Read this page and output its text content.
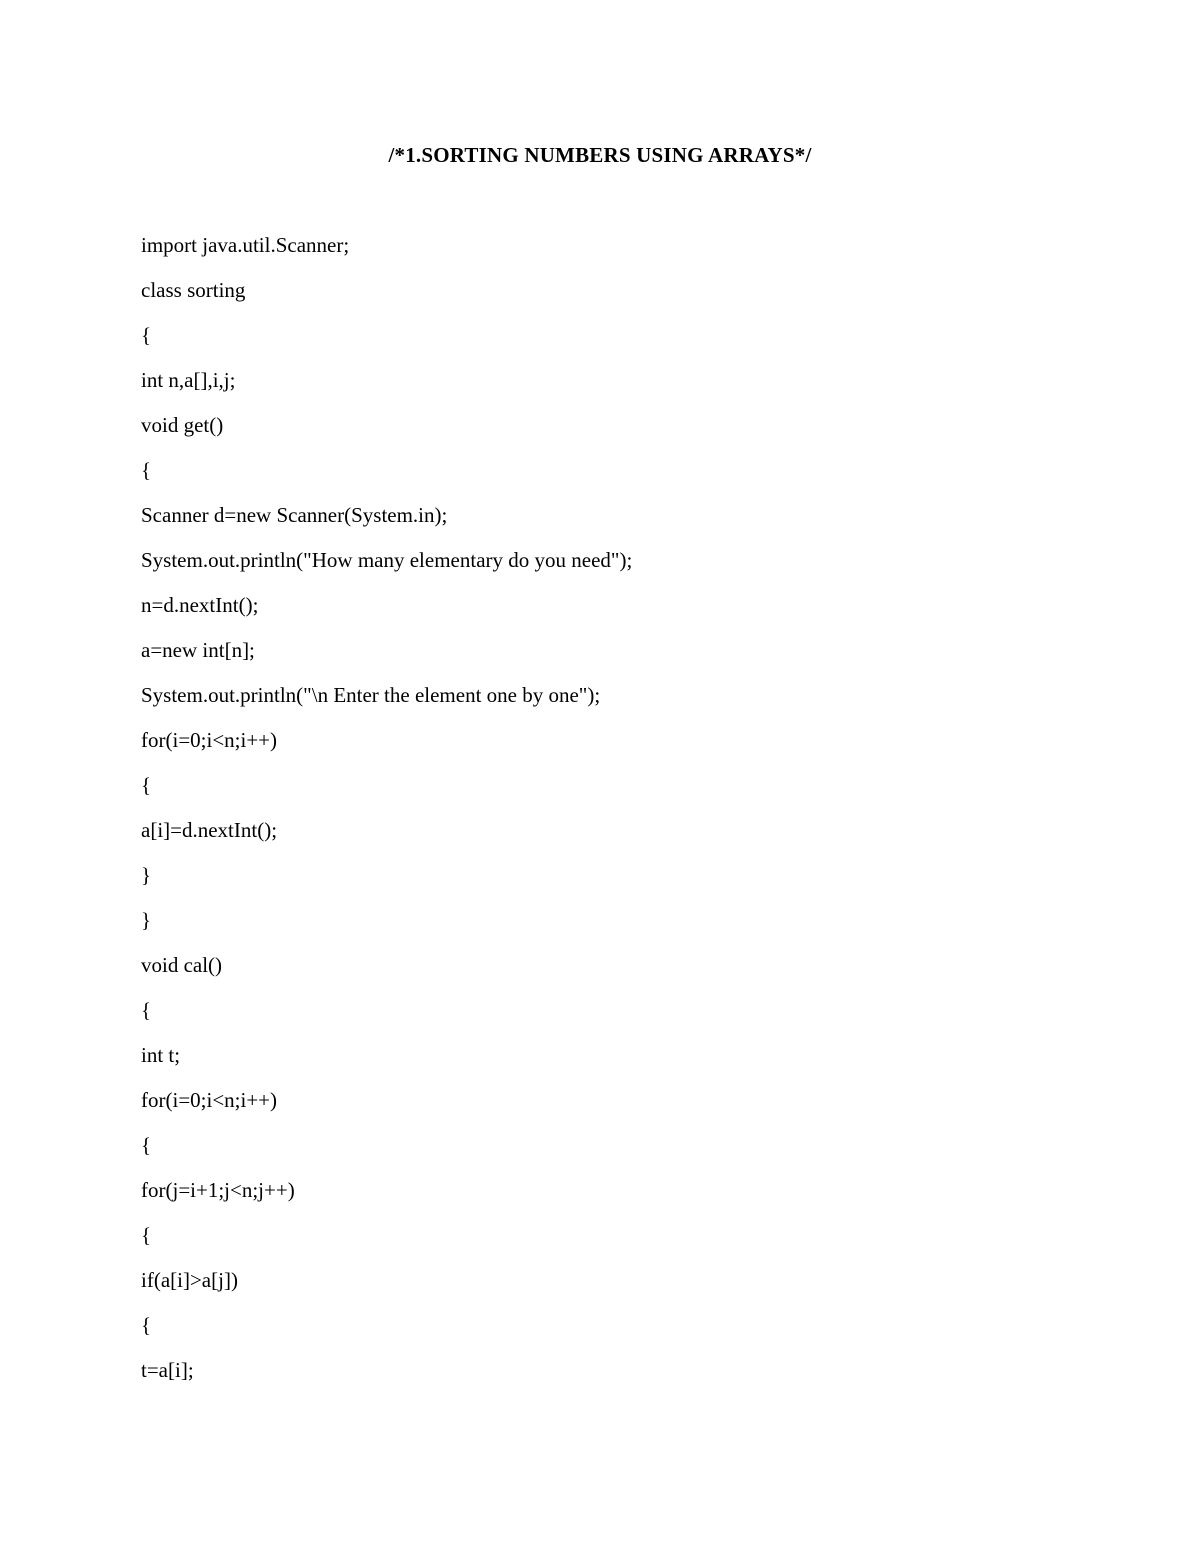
/*1.SORTING NUMBERS USING ARRAYS*/
import java.util.Scanner;
class sorting
{
int n,a[],i,j;
void get()
{
Scanner d=new Scanner(System.in);
System.out.println("How many elementary do you need");
n=d.nextInt();
a=new int[n];
System.out.println("\n Enter the element one by one");
for(i=0;i<n;i++)
{
a[i]=d.nextInt();
}
}
void cal()
{
int t;
for(i=0;i<n;i++)
{
for(j=i+1;j<n;j++)
{
if(a[i]>a[j])
{
t=a[i];
